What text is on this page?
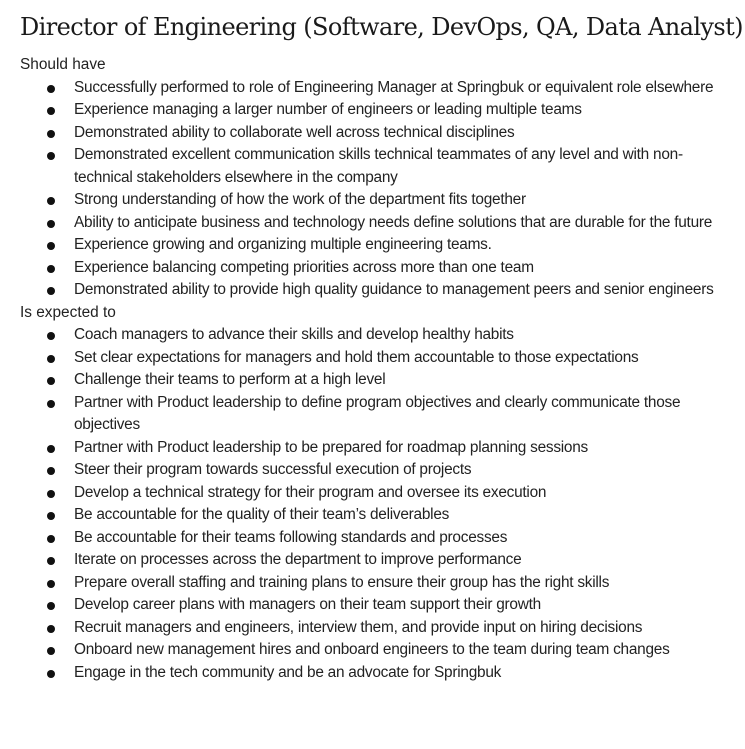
Director of Engineering (Software, DevOps, QA, Data Analyst)

Should have

Successfully performed to role of Engineering Manager at Springbuk or equivalent role elsewhere
Experience managing a larger number of engineers or leading multiple teams
Demonstrated ability to collaborate well across technical disciplines
Demonstrated excellent communication skills technical teammates of any level and with non-technical stakeholders elsewhere in the company
Strong understanding of how the work of the department fits together
Ability to anticipate business and technology needs define solutions that are durable for the future
Experience growing and organizing multiple engineering teams.
Experience balancing competing priorities across more than one team
Demonstrated ability to provide high quality guidance to management peers and senior engineers

Is expected to

Coach managers to advance their skills and develop healthy habits
Set clear expectations for managers and hold them accountable to those expectations
Challenge their teams to perform at a high level
Partner with Product leadership to define program objectives and clearly communicate those objectives
Partner with Product leadership to be prepared for roadmap planning sessions
Steer their program towards successful execution of projects
Develop a technical strategy for their program and oversee its execution
Be accountable for the quality of their team’s deliverables
Be accountable for their teams following standards and processes
Iterate on processes across the department to improve performance
Prepare overall staffing and training plans to ensure their group has the right skills
Develop career plans with managers on their team support their growth
Recruit managers and engineers, interview them, and provide input on hiring decisions
Onboard new management hires and onboard engineers to the team during team changes
Engage in the tech community and be an advocate for Springbuk
